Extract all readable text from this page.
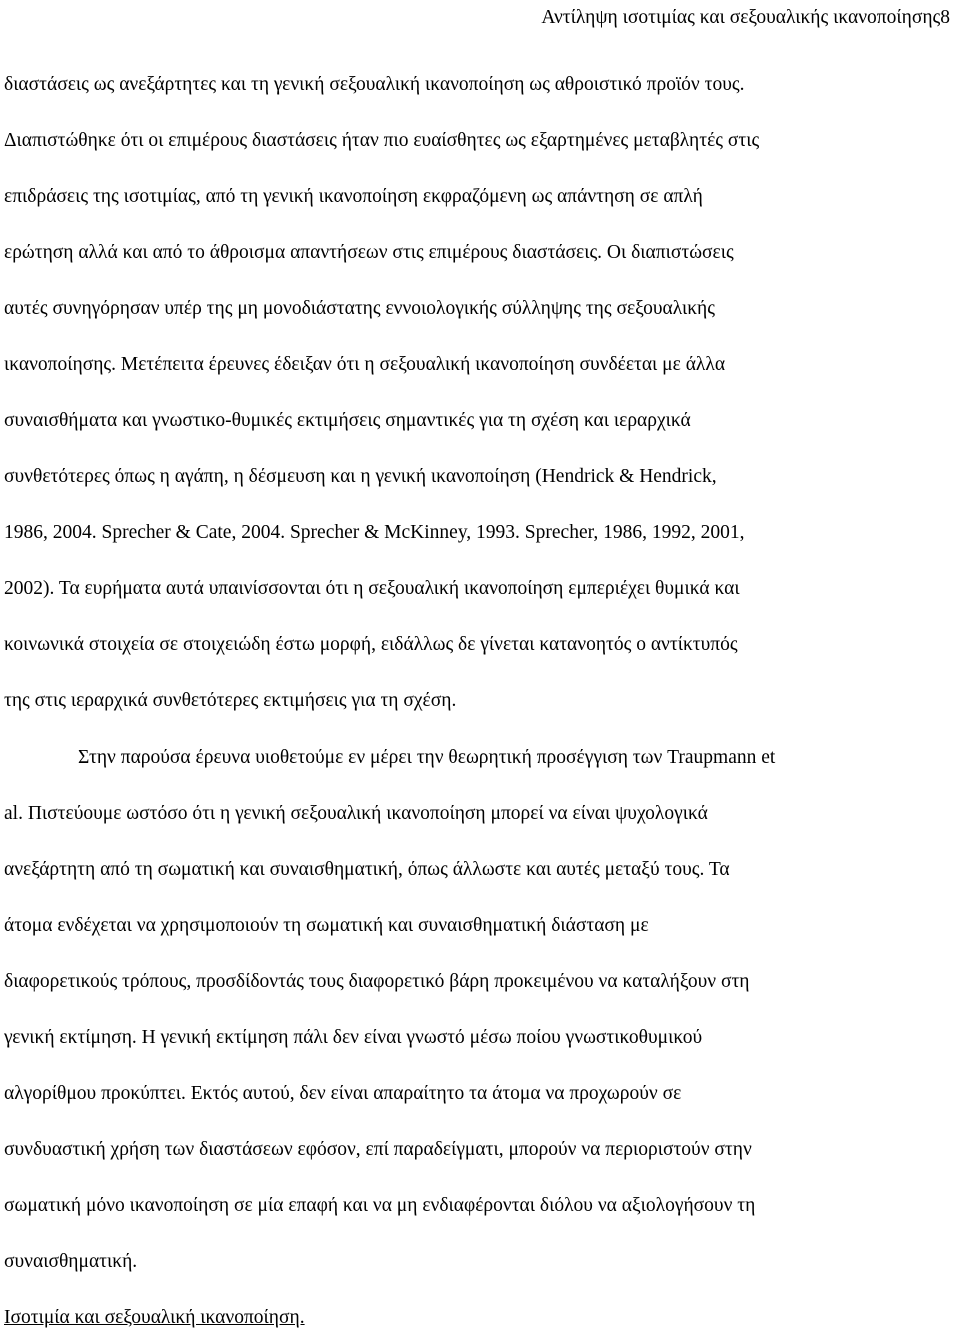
Αντίληψη ισοτιμίας και σεξουαλικής ικανοποίησης8
διαστάσεις ως ανεξάρτητες και τη γενική σεξουαλική ικανοποίηση ως αθροιστικό προϊόν τους.
Διαπιστώθηκε ότι οι επιμέρους διαστάσεις ήταν πιο ευαίσθητες ως εξαρτημένες μεταβλητές στις
επιδράσεις της ισοτιμίας, από τη γενική ικανοποίηση εκφραζόμενη ως απάντηση σε απλή
ερώτηση αλλά και από το άθροισμα απαντήσεων στις επιμέρους διαστάσεις. Οι διαπιστώσεις
αυτές συνηγόρησαν υπέρ της μη μονοδιάστατης εννοιολογικής σύλληψης της σεξουαλικής
ικανοποίησης. Μετέπειτα έρευνες έδειξαν ότι η σεξουαλική ικανοποίηση συνδέεται με άλλα
συναισθήματα και γνωστικο-θυμικές εκτιμήσεις σημαντικές για τη σχέση και ιεραρχικά
συνθετότερες όπως η αγάπη, η δέσμευση και η γενική ικανοποίηση (Hendrick & Hendrick,
1986, 2004. Sprecher & Cate, 2004. Sprecher & McKinney, 1993. Sprecher, 1986, 1992, 2001,
2002). Τα ευρήματα αυτά υπαινίσσονται ότι η σεξουαλική ικανοποίηση εμπεριέχει θυμικά και
κοινωνικά στοιχεία σε στοιχειώδη έστω μορφή, ειδάλλως δε γίνεται κατανοητός ο αντίκτυπός
της στις ιεραρχικά συνθετότερες εκτιμήσεις για τη σχέση.
Στην παρούσα έρευνα υιοθετούμε εν μέρει την θεωρητική προσέγγιση των Traupmann et
al. Πιστεύουμε ωστόσο ότι η γενική σεξουαλική ικανοποίηση μπορεί να είναι ψυχολογικά
ανεξάρτητη από τη σωματική και συναισθηματική, όπως άλλωστε και αυτές μεταξύ τους. Τα
άτομα ενδέχεται να χρησιμοποιούν τη σωματική και συναισθηματική διάσταση με
διαφορετικούς τρόπους, προσδίδοντάς τους διαφορετικό βάρη προκειμένου να καταλήξουν στη
γενική εκτίμηση. Η γενική εκτίμηση πάλι δεν είναι γνωστό μέσω ποίου γνωστικοθυμικού
αλγορίθμου προκύπτει. Εκτός αυτού, δεν είναι απαραίτητο τα άτομα να προχωρούν σε
συνδυαστική χρήση των διαστάσεων εφόσον, επί παραδείγματι, μπορούν να περιοριστούν στην
σωματική μόνο ικανοποίηση σε μία επαφή και να μη ενδιαφέρονται διόλου να αξιολογήσουν τη
συναισθηματική.
Ισοτιμία και σεξουαλική ικανοποίηση.
